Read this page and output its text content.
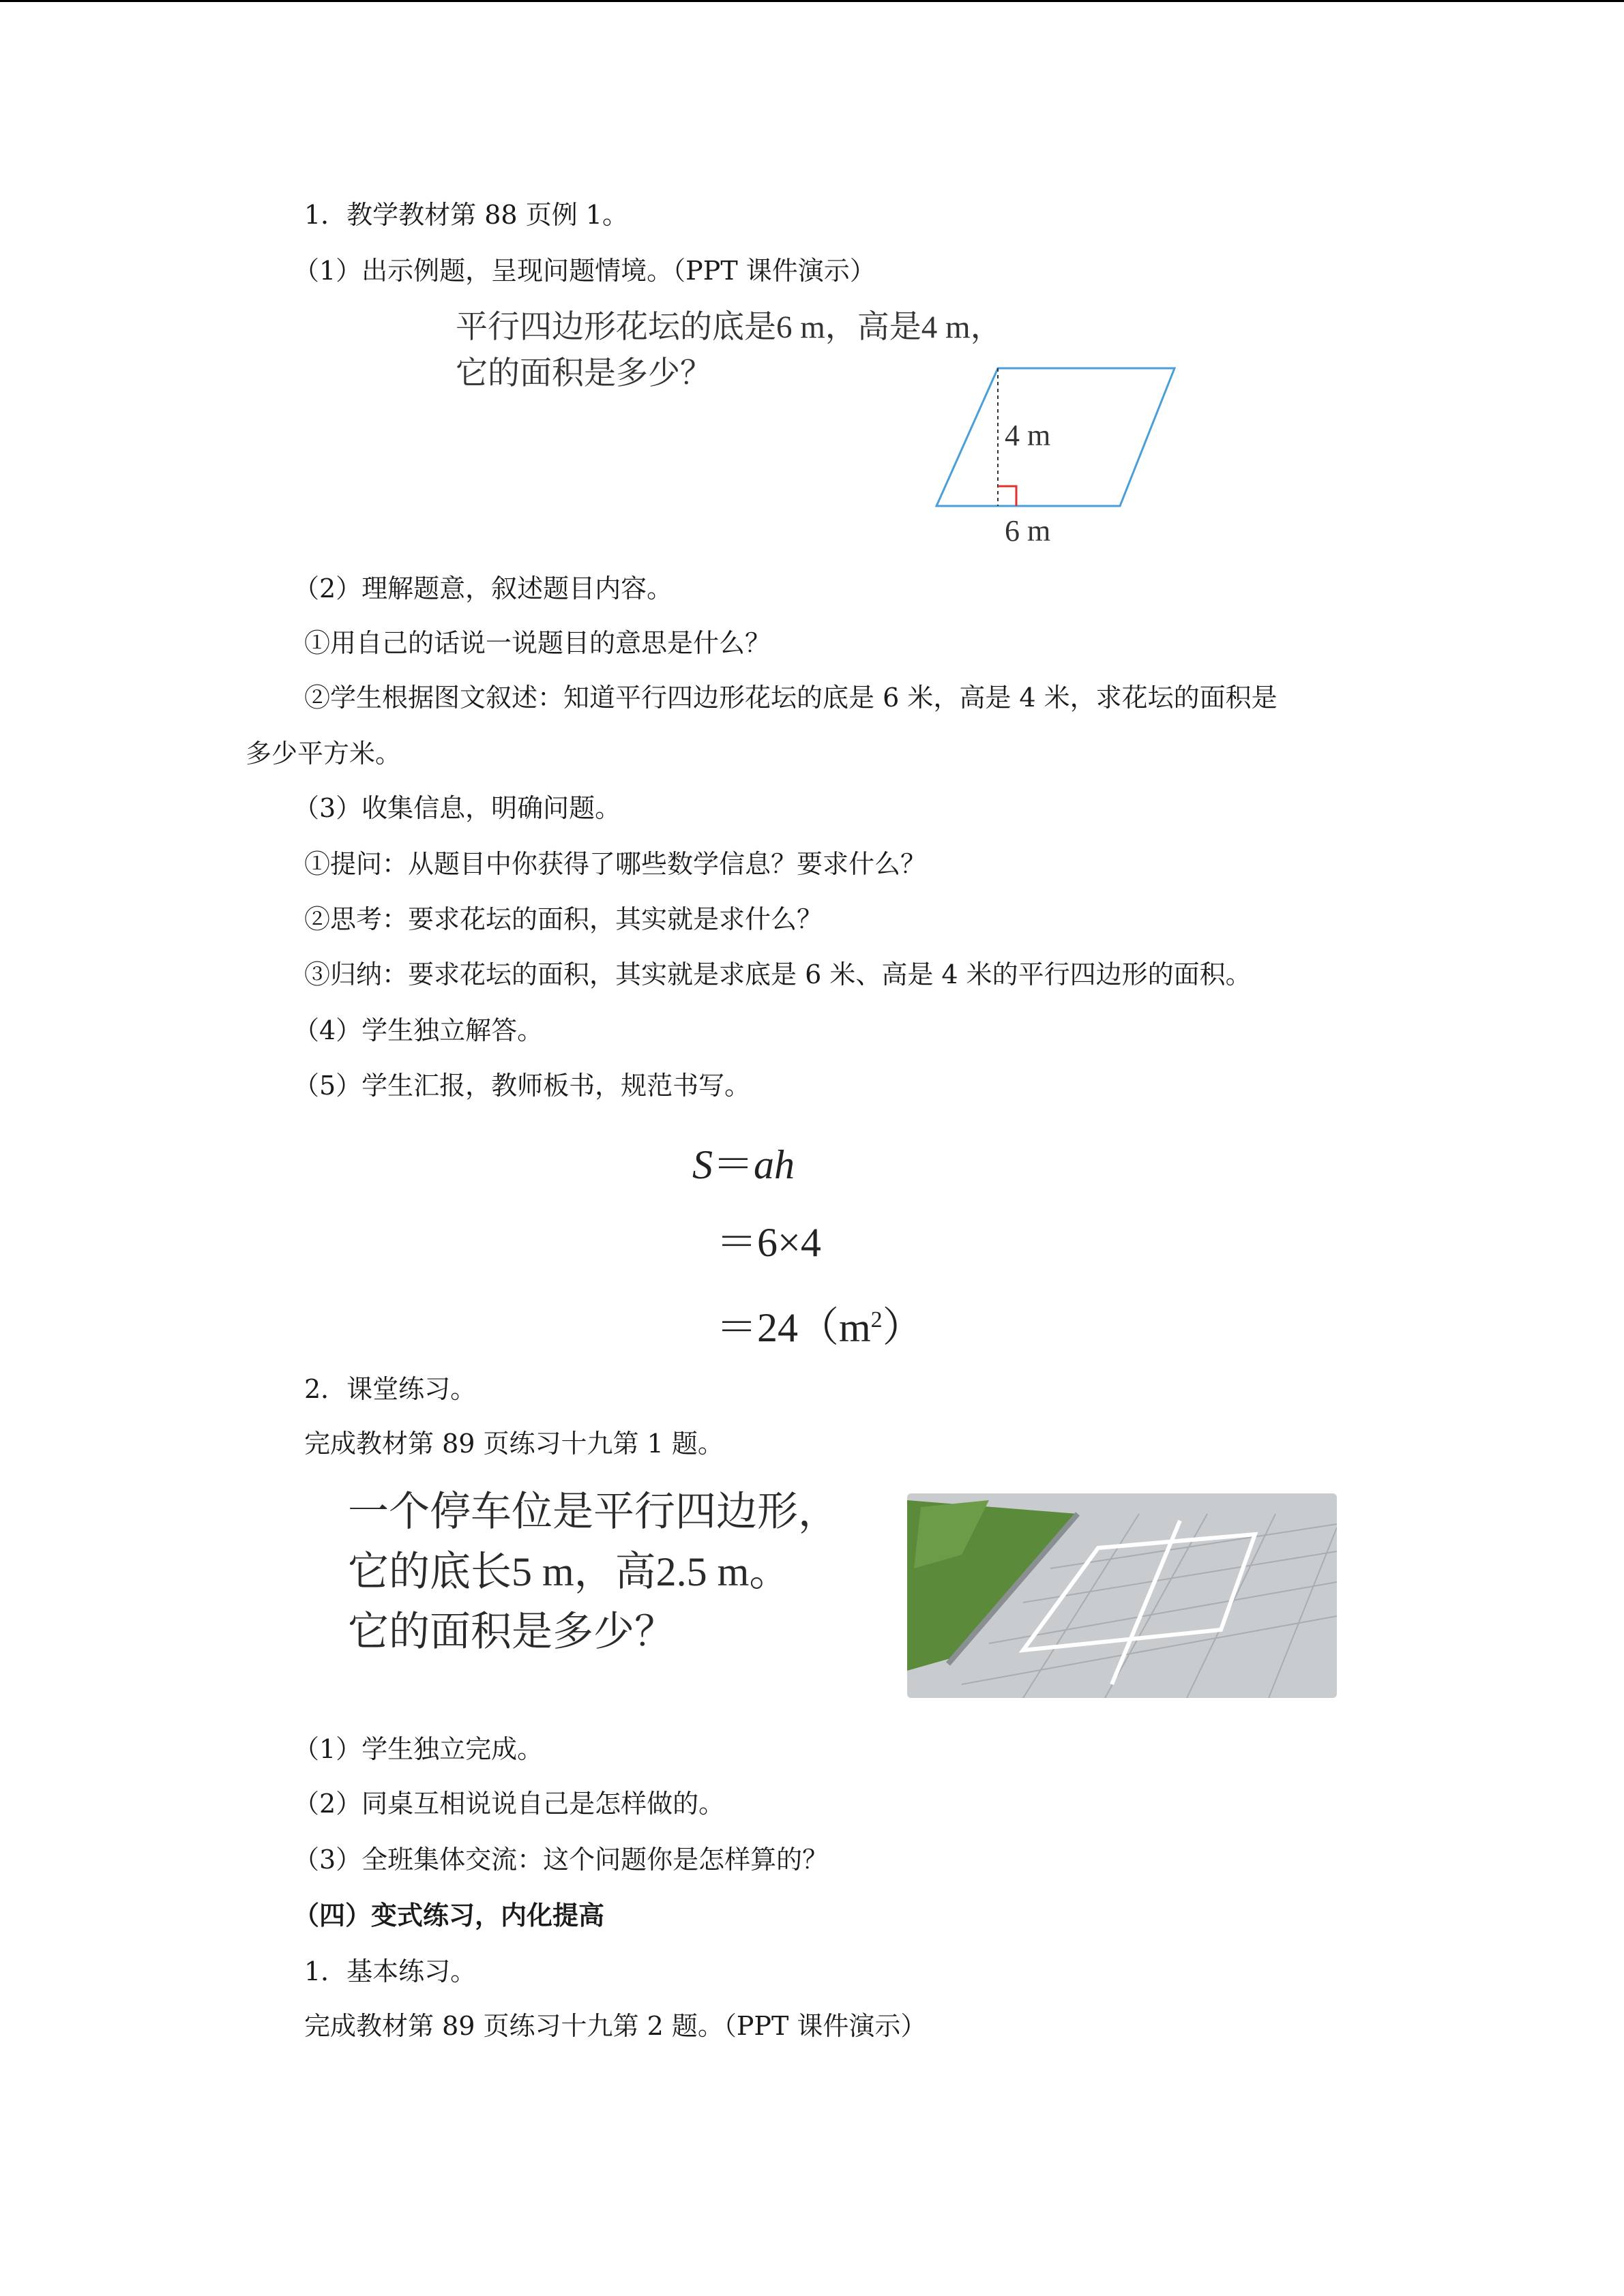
1．教学教材第 88 页例 1。
（1）出示例题，呈现问题情境。（PPT 课件演示）
平行四边形花坛的底是6 m，高是4 m，
它的面积是多少？
4 m
6 m
（2）理解题意，叙述题目内容。
①用自己的话说一说题目的意思是什么？
②学生根据图文叙述：知道平行四边形花坛的底是 6 米，高是 4 米，求花坛的面积是
多少平方米。
（3）收集信息，明确问题。
①提问：从题目中你获得了哪些数学信息？要求什么？
②思考：要求花坛的面积，其实就是求什么？
③归纳：要求花坛的面积，其实就是求底是 6 米、高是 4 米的平行四边形的面积。
（4）学生独立解答。
（5）学生汇报，教师板书，规范书写。
S＝ah
＝6×4
$=24(m^2)$
2．课堂练习。
完成教材第 89 页练习十九第 1 题。
一个停车位是平行四边形，
它的底长5 m，高2.5 m。
它的面积是多少？
（1）学生独立完成。
（2）同桌互相说说自己是怎样做的。
（3）全班集体交流：这个问题你是怎样算的？
（四）变式练习，内化提高
1．基本练习。
完成教材第 89 页练习十九第 2 题。（PPT 课件演示）
